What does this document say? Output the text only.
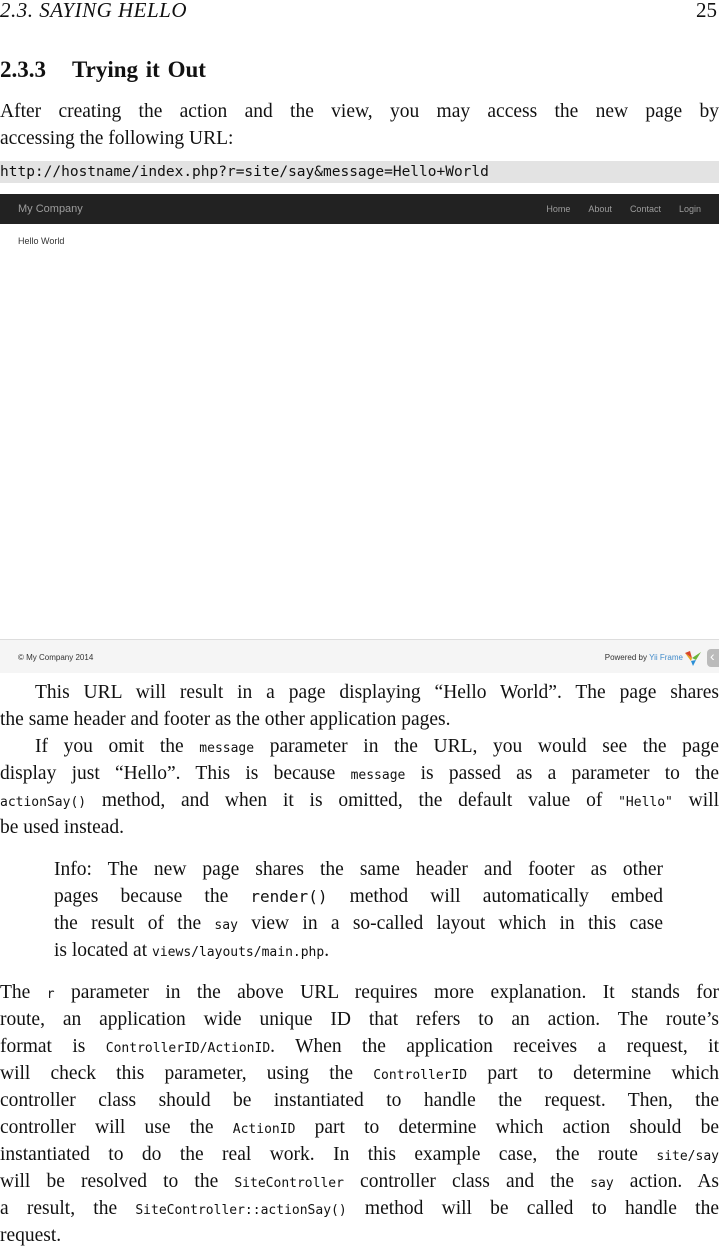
2.3. SAYING HELLO	25
2.3.3 Trying it Out
After creating the action and the view, you may access the new page by
accessing the following URL:
http://hostname/index.php?r=site/say&message=Hello+World
My Company	Home	About	Contact	Login
Hello World
© My Company 2014	Powered by Yii Frame
‹
This URL will result in a page displaying “Hello World”. The page shares
the same header and footer as the other application pages.
If you omit the message parameter in the URL, you would see the page
display just “Hello”. This is because message is passed as a parameter to the
actionSay() method, and when it is omitted, the default value of "Hello" will
be used instead.
Info: The new page shares the same header and footer as other
pages because the render() method will automatically embed
the result of the say view in a so-called layout which in this case
is located at views/layouts/main.php.
The r parameter in the above URL requires more explanation. It stands for
route, an application wide unique ID that refers to an action. The route’s
format is ControllerID/ActionID. When the application receives a request, it
will check this parameter, using the ControllerID part to determine which
controller class should be instantiated to handle the request. Then, the
controller will use the ActionID part to determine which action should be
instantiated to do the real work. In this example case, the route site/say
will be resolved to the SiteController controller class and the say action. As
a result, the SiteController::actionSay() method will be called to handle the
request.
